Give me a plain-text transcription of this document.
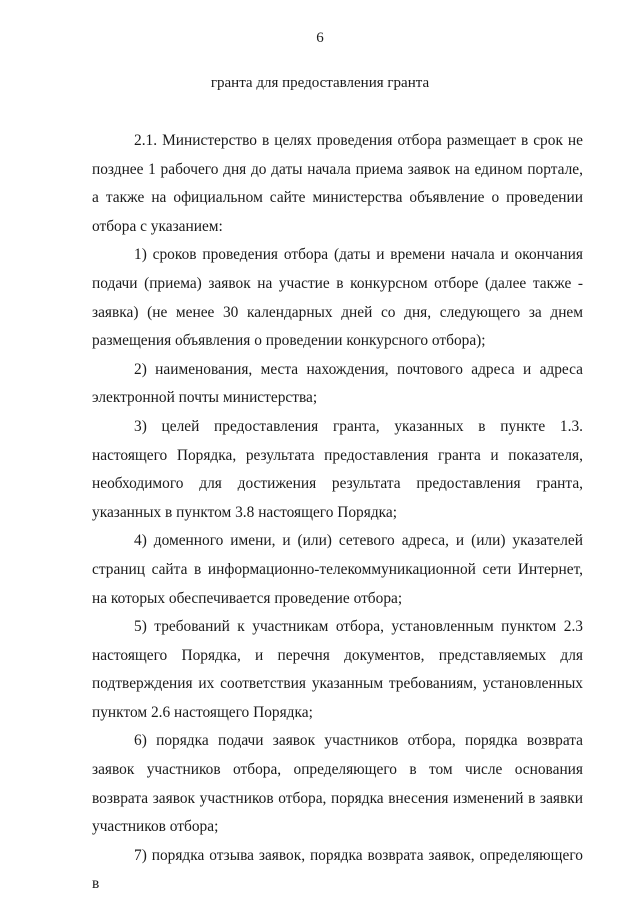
6
гранта для предоставления гранта

2.1. Министерство в целях проведения отбора размещает в срок не позднее 1 рабочего дня до даты начала приема заявок на едином портале, а также на официальном сайте министерства объявление о проведении отбора с указанием:

1) сроков проведения отбора (даты и времени начала и окончания подачи (приема) заявок на участие в конкурсном отборе (далее также - заявка) (не менее 30 календарных дней со дня, следующего за днем размещения объявления о проведении конкурсного отбора);

2) наименования, места нахождения, почтового адреса и адреса электронной почты министерства;

3) целей предоставления гранта, указанных в пункте 1.3. настоящего Порядка, результата предоставления гранта и показателя, необходимого для достижения результата предоставления гранта, указанных в пунктом 3.8 настоящего Порядка;

4) доменного имени, и (или) сетевого адреса, и (или) указателей страниц сайта в информационно-телекоммуникационной сети Интернет, на которых обеспечивается проведение отбора;

5) требований к участникам отбора, установленным пунктом 2.3 настоящего Порядка, и перечня документов, представляемых для подтверждения их соответствия указанным требованиям, установленных пунктом 2.6 настоящего Порядка;

6) порядка подачи заявок участников отбора, порядка возврата заявок участников отбора, определяющего в том числе основания возврата заявок участников отбора, порядка внесения изменений в заявки участников отбора;

7) порядка отзыва заявок, порядка возврата заявок, определяющего в
